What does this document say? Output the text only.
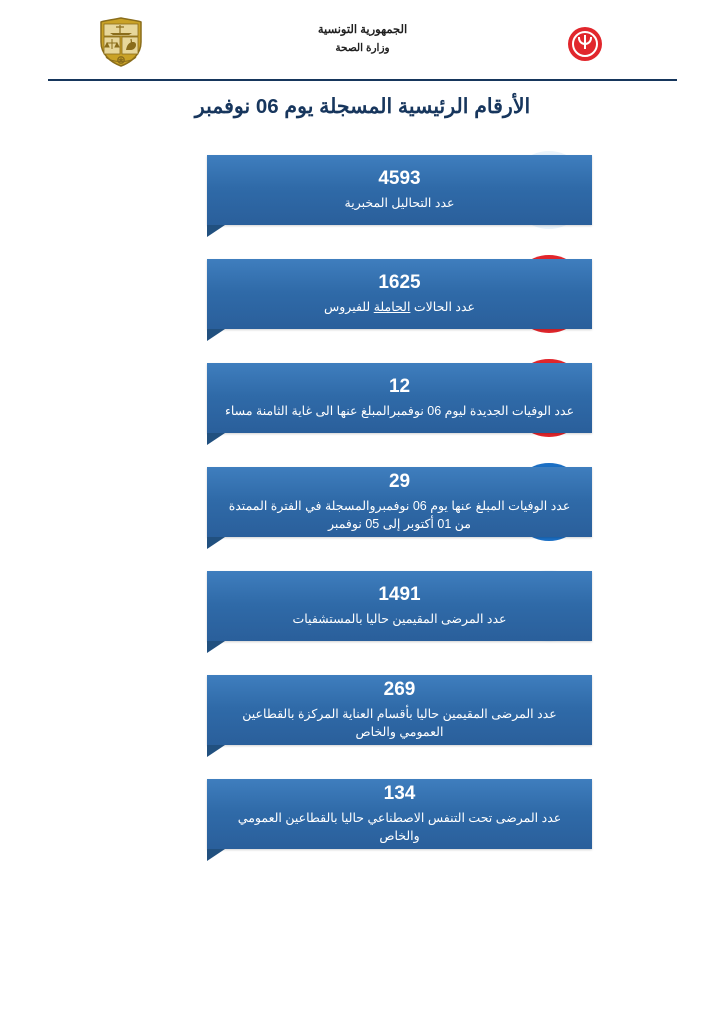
الجمهورية التونسية
وزارة الصحة
الأرقام الرئيسية المسجلة يوم 06 نوفمبر
4593
عدد التحاليل المخبرية
1625
عدد الحالات الحاملة للفيروس
12
عدد الوفيات الجديدة ليوم 06 نوفمبرالمبلغ عنها الى غاية الثامنة مساء
29
عدد الوفيات المبلغ عنها يوم 06 نوفمبروالمسجلة في الفترة الممتدة من 01 أكتوبر إلى 05 نوفمبر
1491
عدد المرضى المقيمين حاليا بالمستشفيات
269
عدد المرضى المقيمين حاليا بأقسام العناية المركزة بالقطاعين العمومي والخاص
134
عدد المرضى تحت التنفس الاصطناعي حاليا بالقطاعين العمومي والخاص
